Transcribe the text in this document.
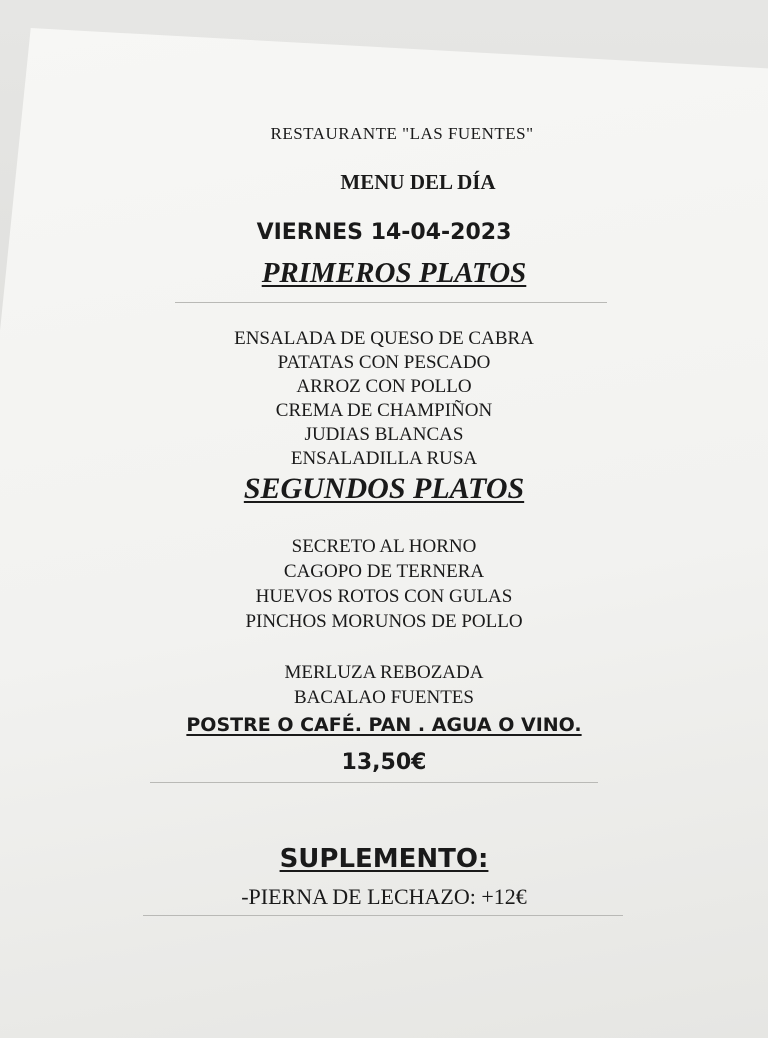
RESTAURANTE "LAS FUENTES"
MENU DEL DÍA
VIERNES 14-04-2023
PRIMEROS PLATOS
ENSALADA DE QUESO DE CABRA
PATATAS CON PESCADO
ARROZ CON POLLO
CREMA DE CHAMPIÑON
JUDIAS BLANCAS
ENSALADILLA RUSA
SEGUNDOS PLATOS
SECRETO AL HORNO
CAGOPO DE TERNERA
HUEVOS ROTOS CON GULAS
PINCHOS MORUNOS DE POLLO
MERLUZA REBOZADA
BACALAO FUENTES
POSTRE O CAFÉ. PAN . AGUA O VINO.
13,50€
SUPLEMENTO:
-PIERNA DE LECHAZO: +12€
